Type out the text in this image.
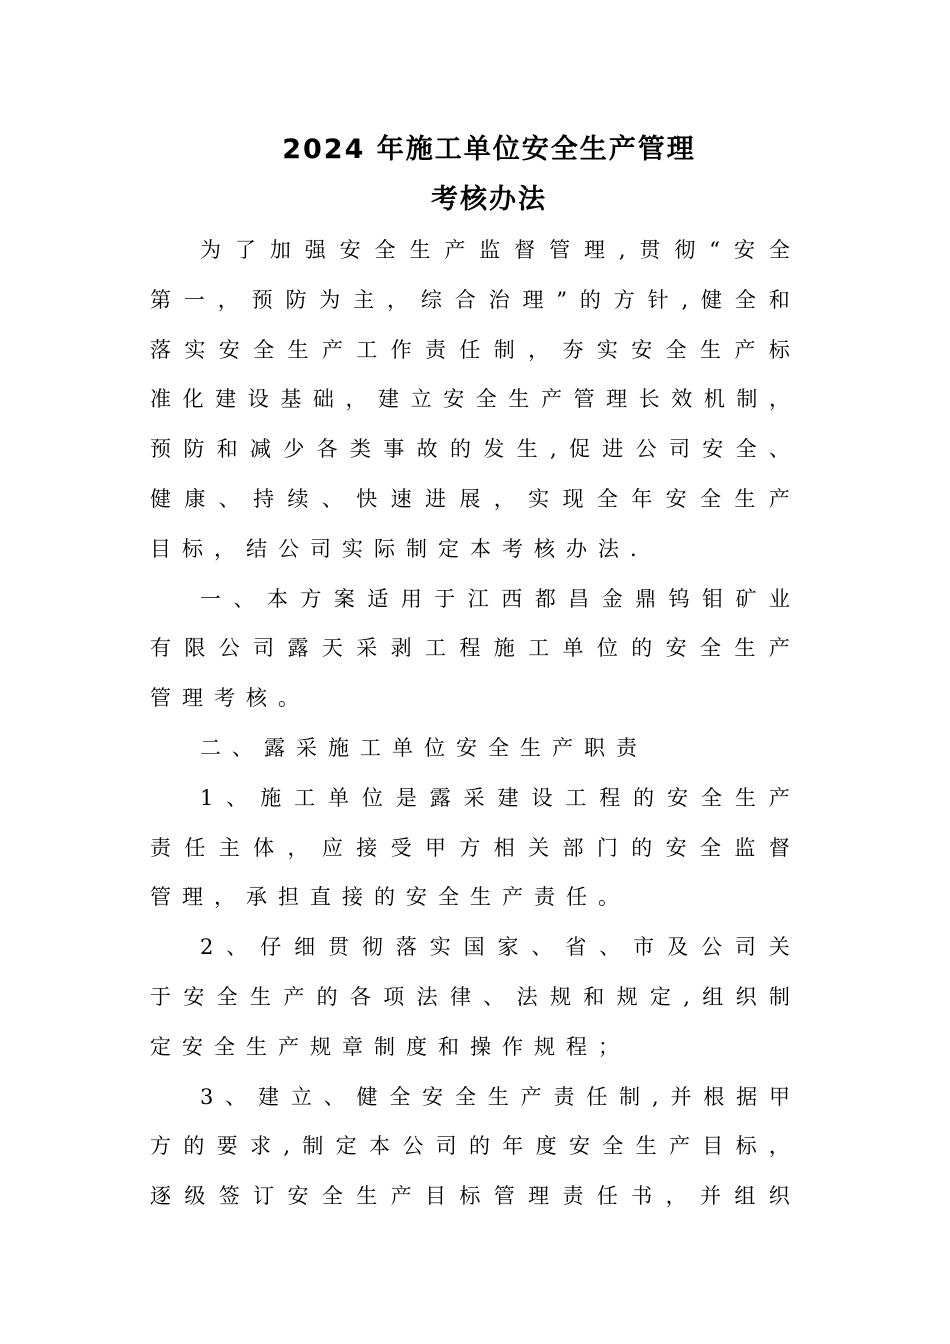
2024 年施工单位安全生产管理
考核办法
为 了 加 强 安 全 生 产 监 督 管 理 , 贯 彻 “ 安 全
第 一 ， 预 防 为 主 ， 综 合 治 理 ” 的 方 针 , 健 全 和
落 实 安 全 生 产 工 作 责 任 制 ， 夯 实 安 全 生 产 标
准 化 建 设 基 础 ， 建 立 安 全 生 产 管 理 长 效 机 制 ，
预 防 和 减 少 各 类 事 故 的 发 生 , 促 进 公 司 安 全 、
健 康 、 持 续 、 快 速 进 展 ， 实 现 全 年 安 全 生 产
目 标 ， 结 公 司 实 际 制 定 本 考 核 办 法 .
一 、 本 方 案 适 用 于 江 西 都 昌 金 鼎 钨 钼 矿 业
有 限 公 司 露 天 采 剥 工 程 施 工 单 位 的 安 全 生 产
管 理 考 核 。
二 、 露 采 施 工 单 位 安 全 生 产 职 责
1 、 施 工 单 位 是 露 采 建 设 工 程 的 安 全 生 产
责 任 主 体 ， 应 接 受 甲 方 相 关 部 门 的 安 全 监 督
管 理 ， 承 担 直 接 的 安 全 生 产 责 任 。
2 、 仔 细 贯 彻 落 实 国 家 、 省 、 市 及 公 司 关
于 安 全 生 产 的 各 项 法 律 、 法 规 和 规 定 , 组 织 制
定 安 全 生 产 规 章 制 度 和 操 作 规 程 ；
3 、 建 立 、 健 全 安 全 生 产 责 任 制 , 并 根 据 甲
方 的 要 求 , 制 定 本 公 司 的 年 度 安 全 生 产 目 标 ，
逐 级 签 订 安 全 生 产 目 标 管 理 责 任 书 ， 并 组 织
